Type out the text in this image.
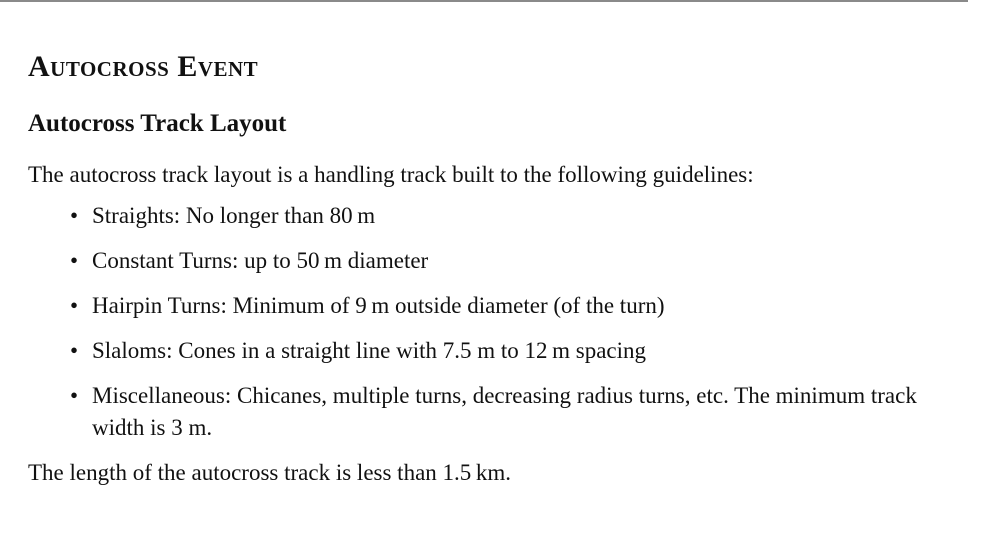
Autocross Event
Autocross Track Layout

The autocross track layout is a handling track built to the following guidelines:

• Straights: No longer than 80 m
• Constant Turns: up to 50 m diameter
• Hairpin Turns: Minimum of 9 m outside diameter (of the turn)
• Slaloms: Cones in a straight line with 7.5 m to 12 m spacing
• Miscellaneous: Chicanes, multiple turns, decreasing radius turns, etc. The minimum track width is 3 m.

The length of the autocross track is less than 1.5 km.
